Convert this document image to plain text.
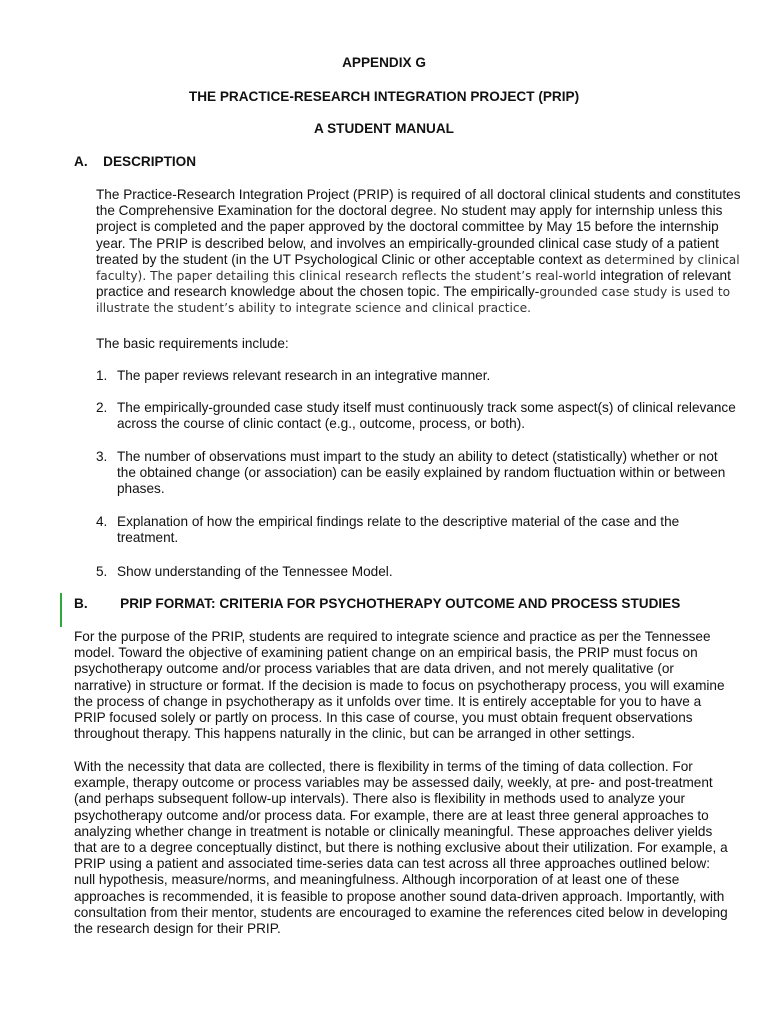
APPENDIX G
THE PRACTICE-RESEARCH INTEGRATION PROJECT (PRIP)
A STUDENT MANUAL
A. DESCRIPTION

The Practice-Research Integration Project (PRIP) is required of all doctoral clinical students and constitutes the Comprehensive Examination for the doctoral degree. No student may apply for internship unless this project is completed and the paper approved by the doctoral committee by May 15 before the internship year. The PRIP is described below, and involves an empirically-grounded clinical case study of a patient treated by the student (in the UT Psychological Clinic or other acceptable context as determined by clinical faculty). The paper detailing this clinical research reflects the student’s real-world integration of relevant practice and research knowledge about the chosen topic. The empirically-grounded case study is used to illustrate the student’s ability to integrate science and clinical practice.

The basic requirements include:
1. The paper reviews relevant research in an integrative manner.
2. The empirically-grounded case study itself must continuously track some aspect(s) of clinical relevance across the course of clinic contact (e.g., outcome, process, or both).
3. The number of observations must impart to the study an ability to detect (statistically) whether or not the obtained change (or association) can be easily explained by random fluctuation within or between phases.
4. Explanation of how the empirical findings relate to the descriptive material of the case and the treatment.
5. Show understanding of the Tennessee Model.
B. PRIP FORMAT: CRITERIA FOR PSYCHOTHERAPY OUTCOME AND PROCESS STUDIES

For the purpose of the PRIP, students are required to integrate science and practice as per the Tennessee model. Toward the objective of examining patient change on an empirical basis, the PRIP must focus on psychotherapy outcome and/or process variables that are data driven, and not merely qualitative (or narrative) in structure or format. If the decision is made to focus on psychotherapy process, you will examine the process of change in psychotherapy as it unfolds over time. It is entirely acceptable for you to have a PRIP focused solely or partly on process. In this case of course, you must obtain frequent observations throughout therapy. This happens naturally in the clinic, but can be arranged in other settings.

With the necessity that data are collected, there is flexibility in terms of the timing of data collection. For example, therapy outcome or process variables may be assessed daily, weekly, at pre- and post-treatment (and perhaps subsequent follow-up intervals). There also is flexibility in methods used to analyze your psychotherapy outcome and/or process data. For example, there are at least three general approaches to analyzing whether change in treatment is notable or clinically meaningful. These approaches deliver yields that are to a degree conceptually distinct, but there is nothing exclusive about their utilization. For example, a PRIP using a patient and associated time-series data can test across all three approaches outlined below: null hypothesis, measure/norms, and meaningfulness. Although incorporation of at least one of these approaches is recommended, it is feasible to propose another sound data-driven approach. Importantly, with consultation from their mentor, students are encouraged to examine the references cited below in developing the research design for their PRIP.
